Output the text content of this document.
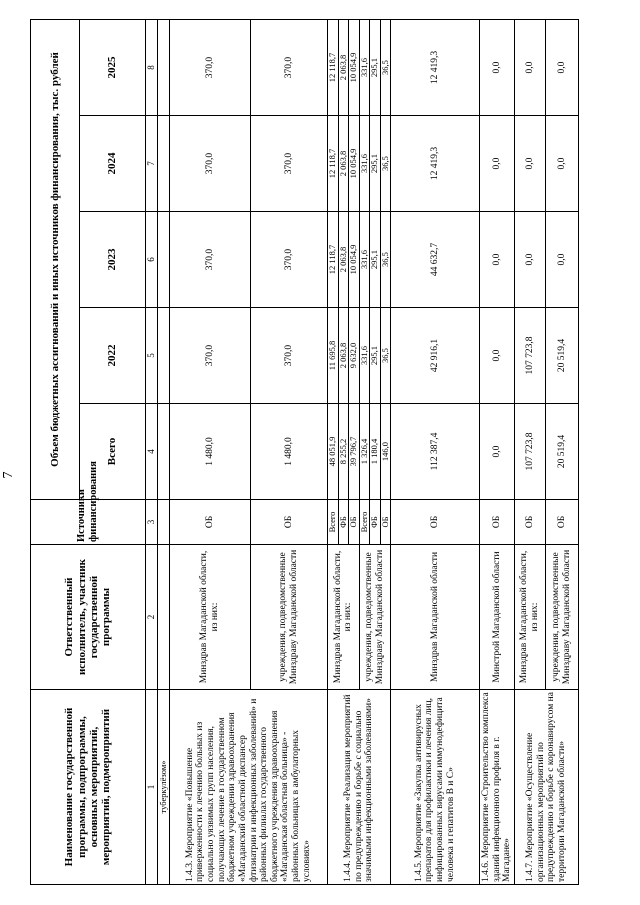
7
Наименование государственной программы, подпрограммы, основных мероприятий, мероприятий, подмероприятий	Ответственный исполнитель, участник государственной программы	Источники финансирования	Объем бюджетных ассигнований и иных источников финансирования, тыс. рублей				
			Всего	2022	2023	2024	2025
1	2	3	4	5	6	7	8
туберкулёзом»							
1.4.3. Мероприятие «Повышение приверженности к лечению больных из социально уязвимых групп населения, получающих лечение в государственном бюджетном учреждении здравоохранения «Магаданский областной диспансер фтизиатрии и инфекционных заболеваний» и районных филиалах государственного бюджетного учреждения здравоохранения «Магаданская областная больница» - районных больницах в амбулаторных условиях»	Минздрав Магаданской области, из них:	ОБ	1 480,0	370,0	370,0	370,0	370,0
	учреждения, подведомственные Минздраву Магаданской области	ОБ	1 480,0	370,0	370,0	370,0	370,0
1.4.4. Мероприятие «Реализация мероприятий по предупреждению и борьбе с социально значимыми инфекционными заболеваниями»	Минздрав Магаданской области, из них:	Всего	48 051,9	11 695,8	12 118,7	12 118,7	12 118,7
		ФБ	8 255,2	2 063,8	2 063,8	2 063,8	2 063,8
		ОБ	39 796,7	9 632,0	10 054,9	10 054,9	10 054,9
	учреждения, подведомственные Минздраву Магаданской области	Всего	1 326,4	331,6	331,6	331,6	331,6
		ФБ	1 180,4	295,1	295,1	295,1	295,1
		ОБ	146,0	36,5	36,5	36,5	36,5
1.4.5. Мероприятие «Закупка антивирусных препаратов для профилактики и лечения лиц, инфицированных вирусами иммунодефицита человека и гепатитов В и С»	Минздрав Магаданской области	ОБ	112 387,4	42 916,1	44 632,7	12 419,3	12 419,3
1.4.6. Мероприятие «Строительство комплекса зданий инфекционного профиля в г. Магадане»	Минстрой Магаданской области	ОБ	0,0	0,0	0,0	0,0	0,0
1.4.7. Мероприятие «Осуществление организационных мероприятий по предупреждению и борьбе с коронавирусом на территории Магаданской области»	Минздрав Магаданской области, из них:	ОБ	107 723,8	107 723,8	0,0	0,0	0,0
	учреждения, подведомственные Минздраву Магаданской области	ОБ	20 519,4	20 519,4	0,0	0,0	0,0
